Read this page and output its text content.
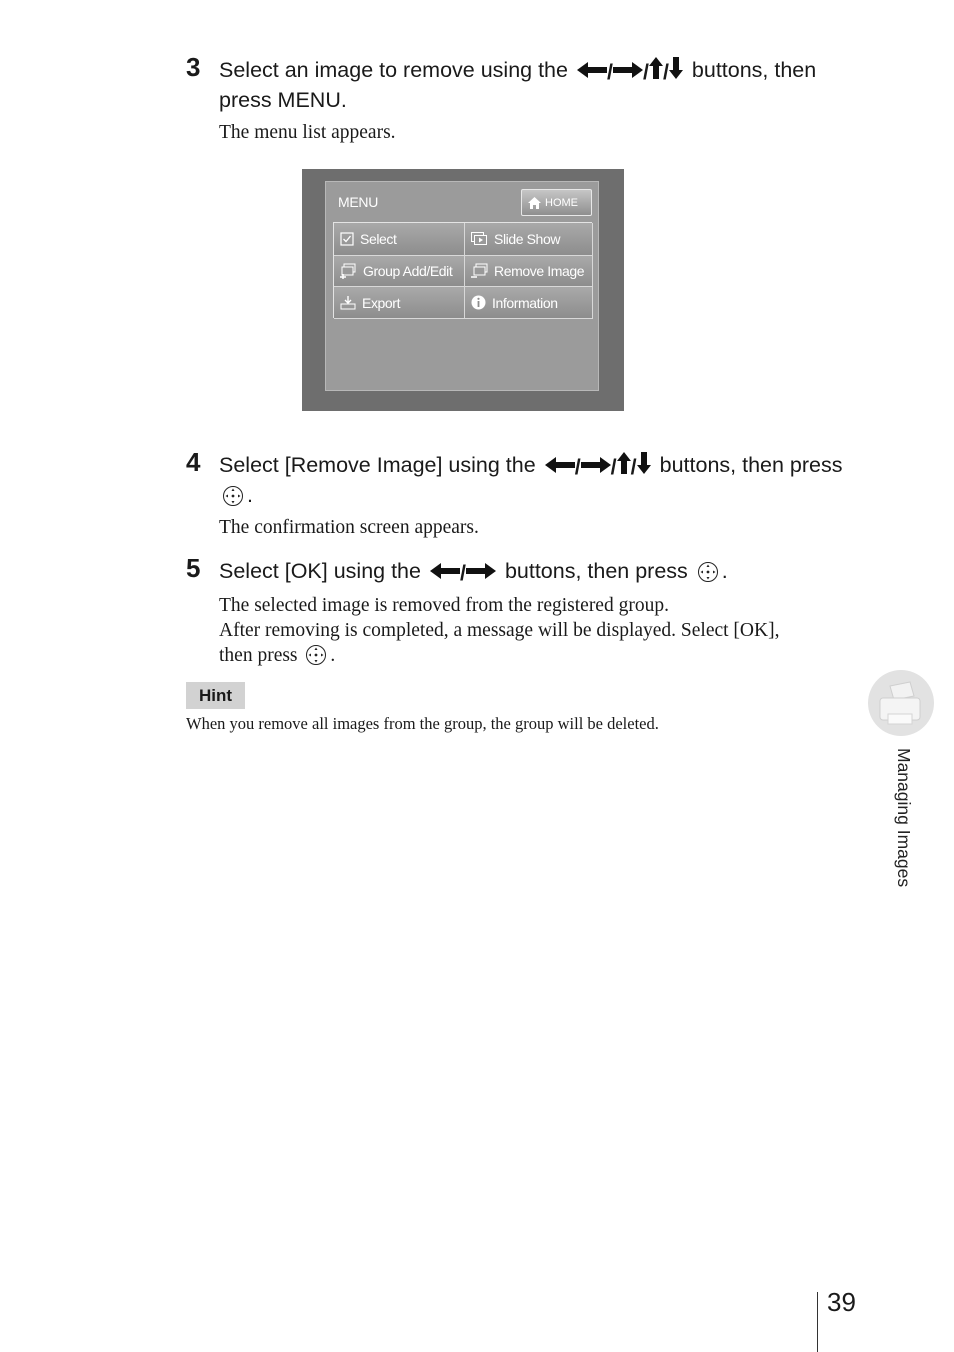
3 Select an image to remove using the / / / buttons, then press MENU.
The menu list appears.
MENU	HOME
Select	Slide Show
Group Add/Edit	Remove Image
Export	Information
4 Select [Remove Image] using the / / / buttons, then press .
The confirmation screen appears.
5 Select [OK] using the / buttons, then press .
The selected image is removed from the registered group.
After removing is completed, a message will be displayed. Select [OK],
then press .
Hint
When you remove all images from the group, the group will be deleted.
Managing Images
39
